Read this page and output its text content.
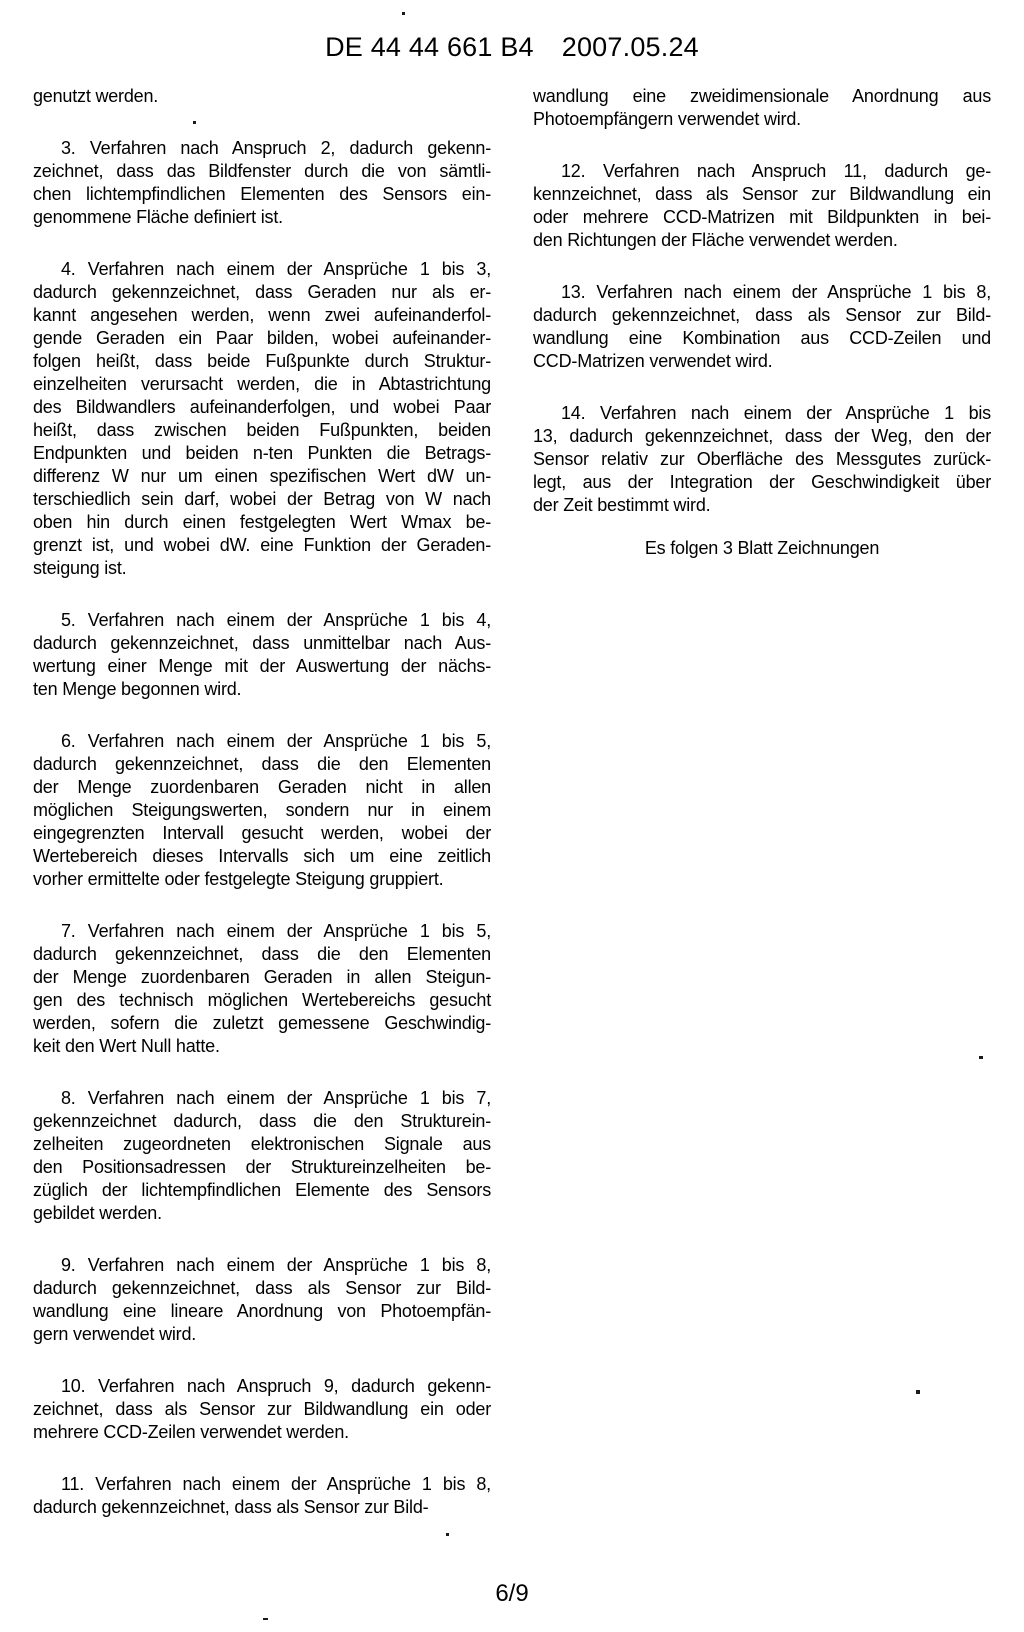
DE 44 44 661 B4 2007.05.24
genutzt werden.
3. Verfahren nach Anspruch 2, dadurch gekenn-
zeichnet, dass das Bildfenster durch die von sämtli-
chen lichtempfindlichen Elementen des Sensors ein-
genommene Fläche definiert ist.
4. Verfahren nach einem der Ansprüche 1 bis 3,
dadurch gekennzeichnet, dass Geraden nur als er-
kannt angesehen werden, wenn zwei aufeinanderfol-
gende Geraden ein Paar bilden, wobei aufeinander-
folgen heißt, dass beide Fußpunkte durch Struktur-
einzelheiten verursacht werden, die in Abtastrichtung
des Bildwandlers aufeinanderfolgen, und wobei Paar
heißt, dass zwischen beiden Fußpunkten, beiden
Endpunkten und beiden n-ten Punkten die Betrags-
differenz W nur um einen spezifischen Wert dW un-
terschiedlich sein darf, wobei der Betrag von W nach
oben hin durch einen festgelegten Wert Wmax be-
grenzt ist, und wobei dW. eine Funktion der Geraden-
steigung ist.
5. Verfahren nach einem der Ansprüche 1 bis 4,
dadurch gekennzeichnet, dass unmittelbar nach Aus-
wertung einer Menge mit der Auswertung der nächs-
ten Menge begonnen wird.
6. Verfahren nach einem der Ansprüche 1 bis 5,
dadurch gekennzeichnet, dass die den Elementen
der Menge zuordenbaren Geraden nicht in allen
möglichen Steigungswerten, sondern nur in einem
eingegrenzten Intervall gesucht werden, wobei der
Wertebereich dieses Intervalls sich um eine zeitlich
vorher ermittelte oder festgelegte Steigung gruppiert.
7. Verfahren nach einem der Ansprüche 1 bis 5,
dadurch gekennzeichnet, dass die den Elementen
der Menge zuordenbaren Geraden in allen Steigun-
gen des technisch möglichen Wertebereichs gesucht
werden, sofern die zuletzt gemessene Geschwindig-
keit den Wert Null hatte.
8. Verfahren nach einem der Ansprüche 1 bis 7,
gekennzeichnet dadurch, dass die den Strukturein-
zelheiten zugeordneten elektronischen Signale aus
den Positionsadressen der Struktureinzelheiten be-
züglich der lichtempfindlichen Elemente des Sensors
gebildet werden.
9. Verfahren nach einem der Ansprüche 1 bis 8,
dadurch gekennzeichnet, dass als Sensor zur Bild-
wandlung eine lineare Anordnung von Photoempfän-
gern verwendet wird.
10. Verfahren nach Anspruch 9, dadurch gekenn-
zeichnet, dass als Sensor zur Bildwandlung ein oder
mehrere CCD-Zeilen verwendet werden.
11. Verfahren nach einem der Ansprüche 1 bis 8,
dadurch gekennzeichnet, dass als Sensor zur Bild-
wandlung eine zweidimensionale Anordnung aus
Photoempfängern verwendet wird.
12. Verfahren nach Anspruch 11, dadurch ge-
kennzeichnet, dass als Sensor zur Bildwandlung ein
oder mehrere CCD-Matrizen mit Bildpunkten in bei-
den Richtungen der Fläche verwendet werden.
13. Verfahren nach einem der Ansprüche 1 bis 8,
dadurch gekennzeichnet, dass als Sensor zur Bild-
wandlung eine Kombination aus CCD-Zeilen und
CCD-Matrizen verwendet wird.
14. Verfahren nach einem der Ansprüche 1 bis
13, dadurch gekennzeichnet, dass der Weg, den der
Sensor relativ zur Oberfläche des Messgutes zurück-
legt, aus der Integration der Geschwindigkeit über
der Zeit bestimmt wird.
Es folgen 3 Blatt Zeichnungen
6/9
